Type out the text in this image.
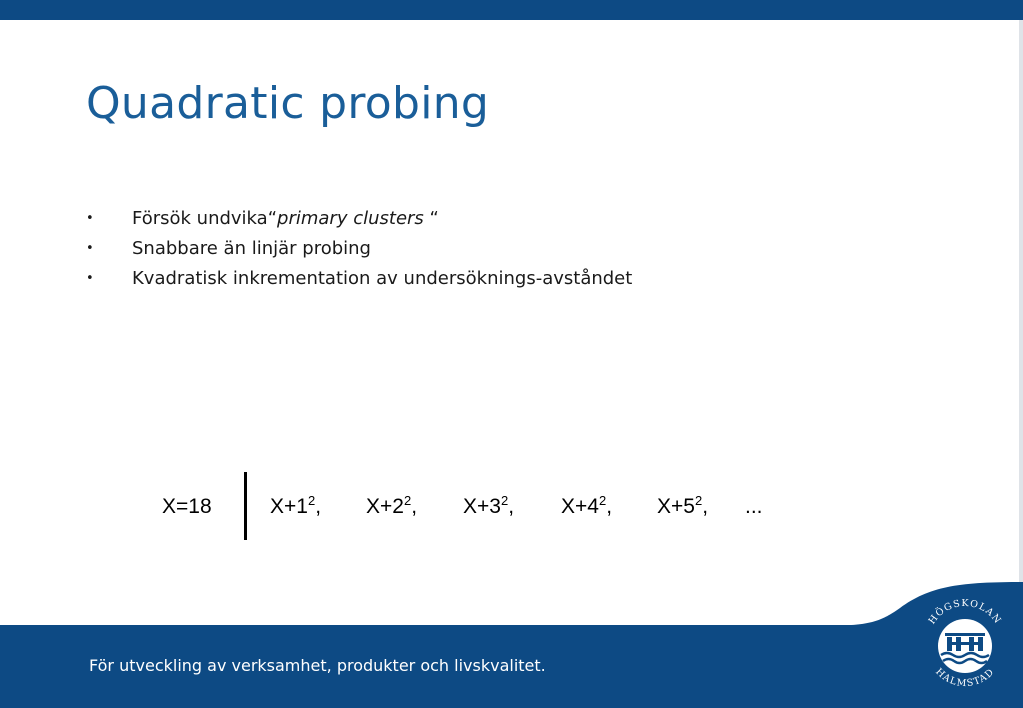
Quadratic probing
• Försök undvika“primary clusters “
• Snabbare än linjär probing
• Kvadratisk inkrementation av undersöknings-avståndet
X=18	$X+1^2$, $X+2^2$, $X+3^2$, $X+4^2$, $X+5^2$, ...
För utveckling av verksamhet, produkter och livskvalitet.
HÖGSKOLAN
HALMSTAD
